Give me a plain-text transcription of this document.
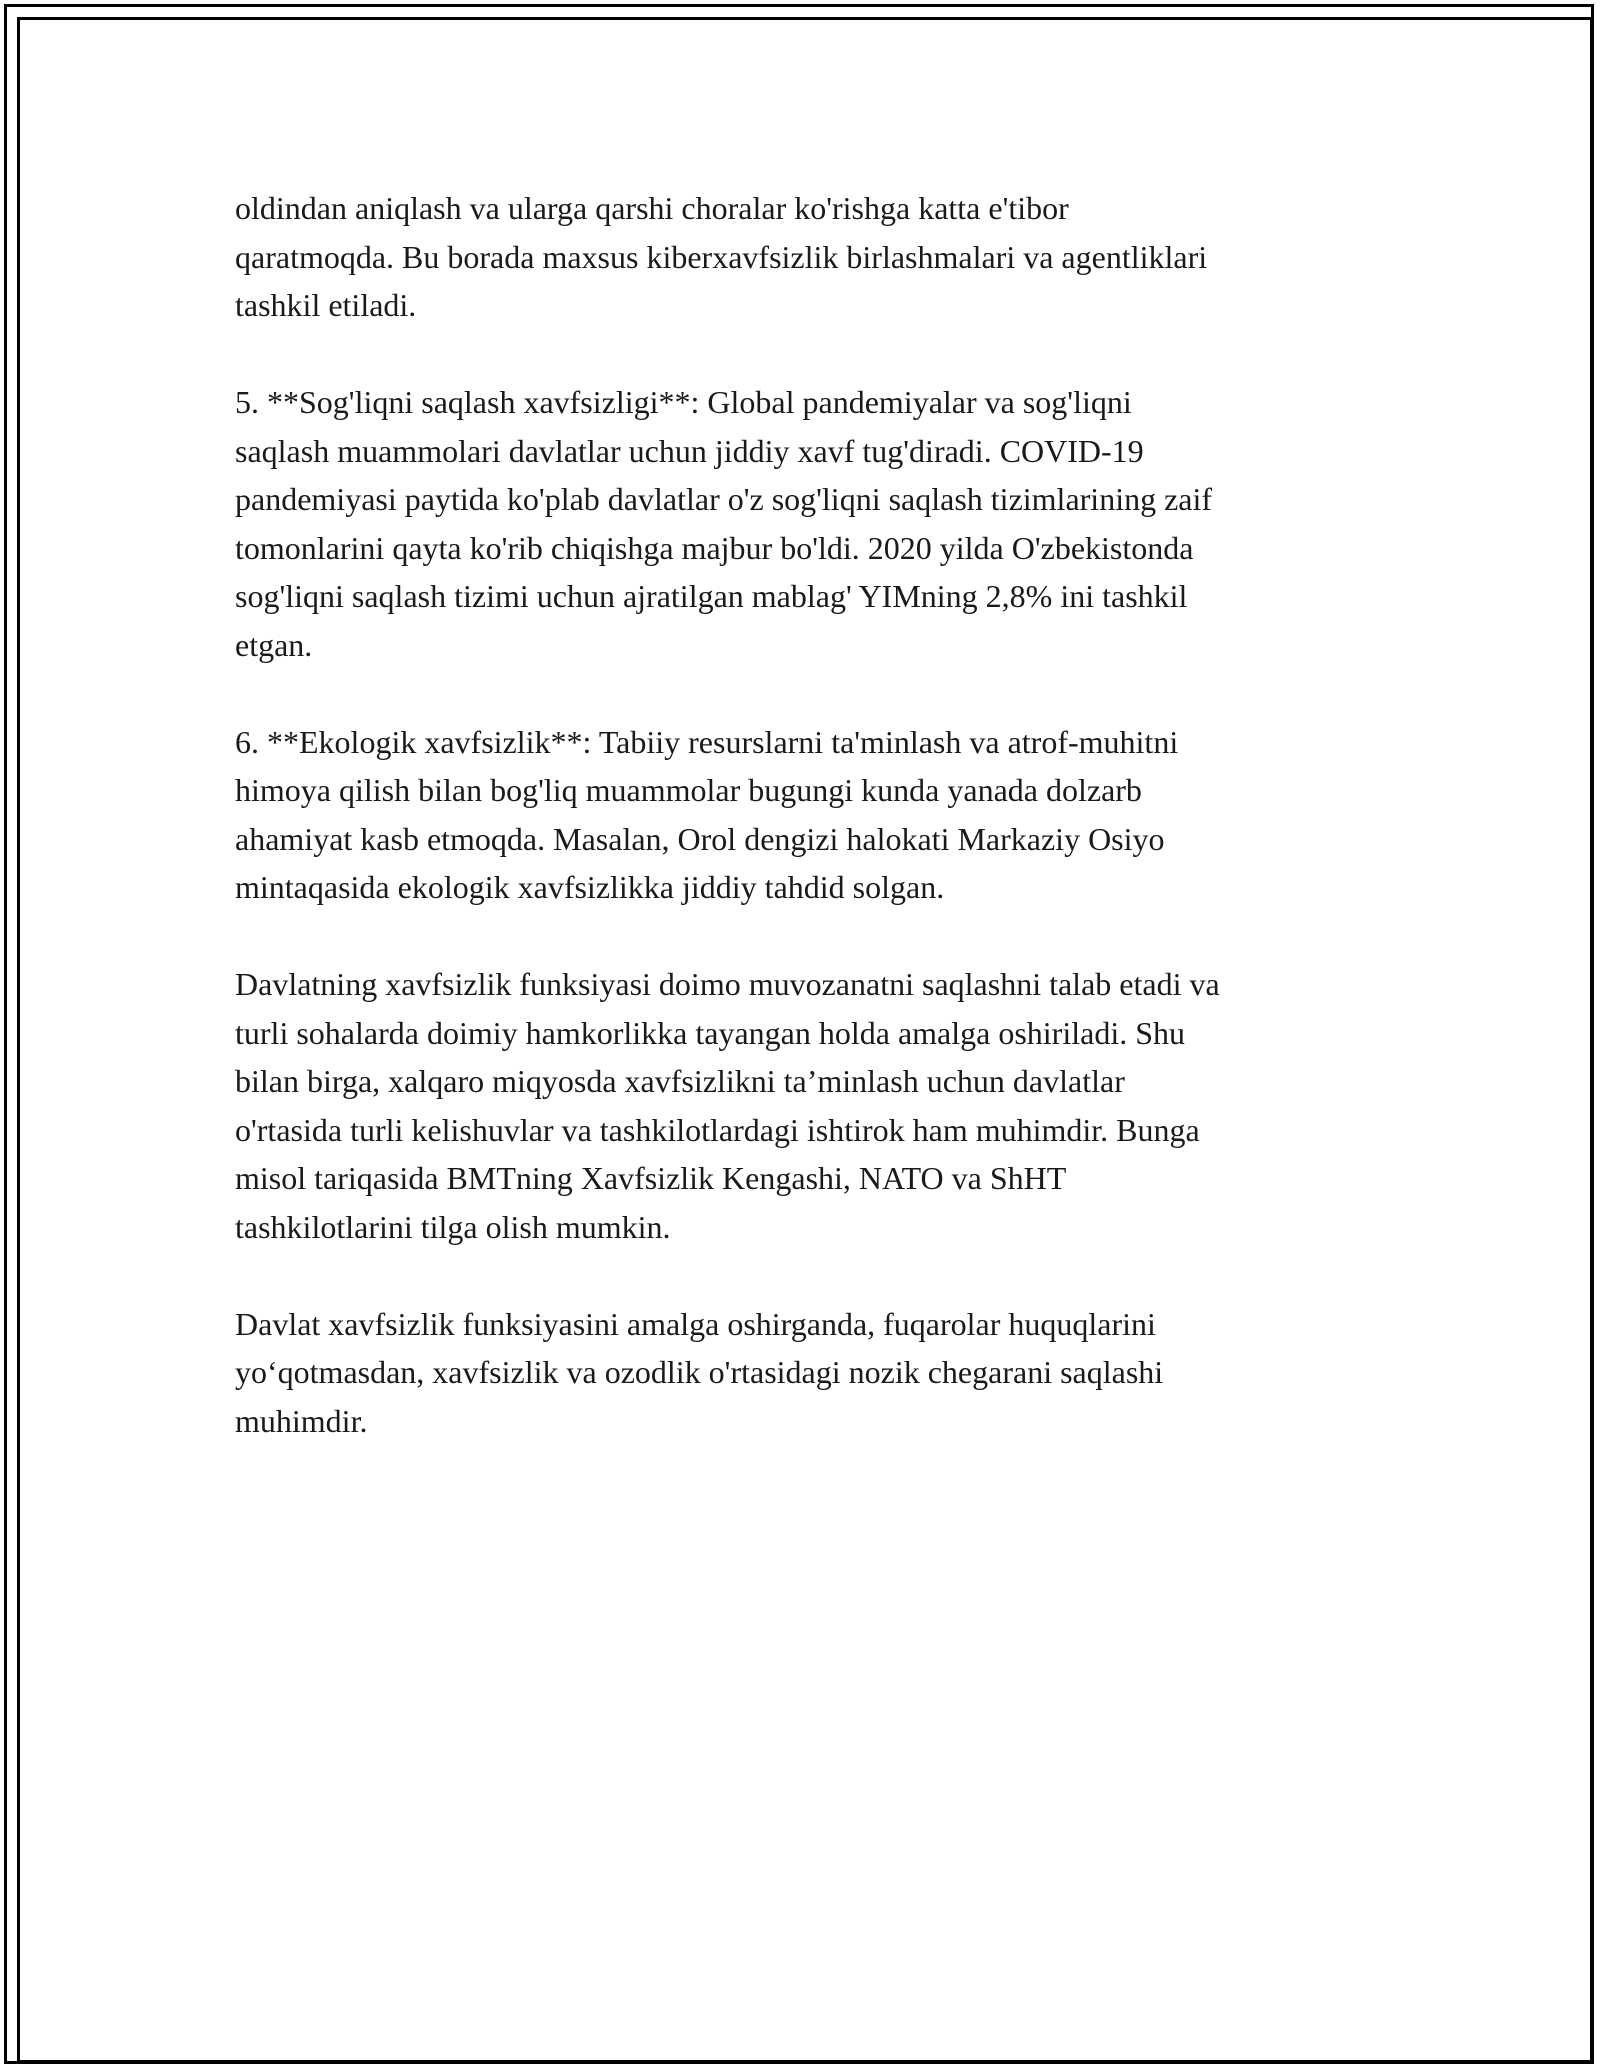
oldindan aniqlash va ularga qarshi choralar ko'rishga katta e'tibor
qaratmoqda. Bu borada maxsus kiberxavfsizlik birlashmalari va agentliklari
tashkil etiladi.

5. **Sog'liqni saqlash xavfsizligi**: Global pandemiyalar va sog'liqni
saqlash muammolari davlatlar uchun jiddiy xavf tug'diradi. COVID-19
pandemiyasi paytida ko'plab davlatlar o'z sog'liqni saqlash tizimlarining zaif
tomonlarini qayta ko'rib chiqishga majbur bo'ldi. 2020 yilda O'zbekistonda
sog'liqni saqlash tizimi uchun ajratilgan mablag' YIMning 2,8% ini tashkil
etgan.

6. **Ekologik xavfsizlik**: Tabiiy resurslarni ta'minlash va atrof-muhitni
himoya qilish bilan bog'liq muammolar bugungi kunda yanada dolzarb
ahamiyat kasb etmoqda. Masalan, Orol dengizi halokati Markaziy Osiyo
mintaqasida ekologik xavfsizlikka jiddiy tahdid solgan.

Davlatning xavfsizlik funksiyasi doimo muvozanatni saqlashni talab etadi va
turli sohalarda doimiy hamkorlikka tayangan holda amalga oshiriladi. Shu
bilan birga, xalqaro miqyosda xavfsizlikni ta’minlash uchun davlatlar
o'rtasida turli kelishuvlar va tashkilotlardagi ishtirok ham muhimdir. Bunga
misol tariqasida BMTning Xavfsizlik Kengashi, NATO va ShHT
tashkilotlarini tilga olish mumkin.

Davlat xavfsizlik funksiyasini amalga oshirganda, fuqarolar huquqlarini
yo‘qotmasdan, xavfsizlik va ozodlik o'rtasidagi nozik chegarani saqlashi
muhimdir.
